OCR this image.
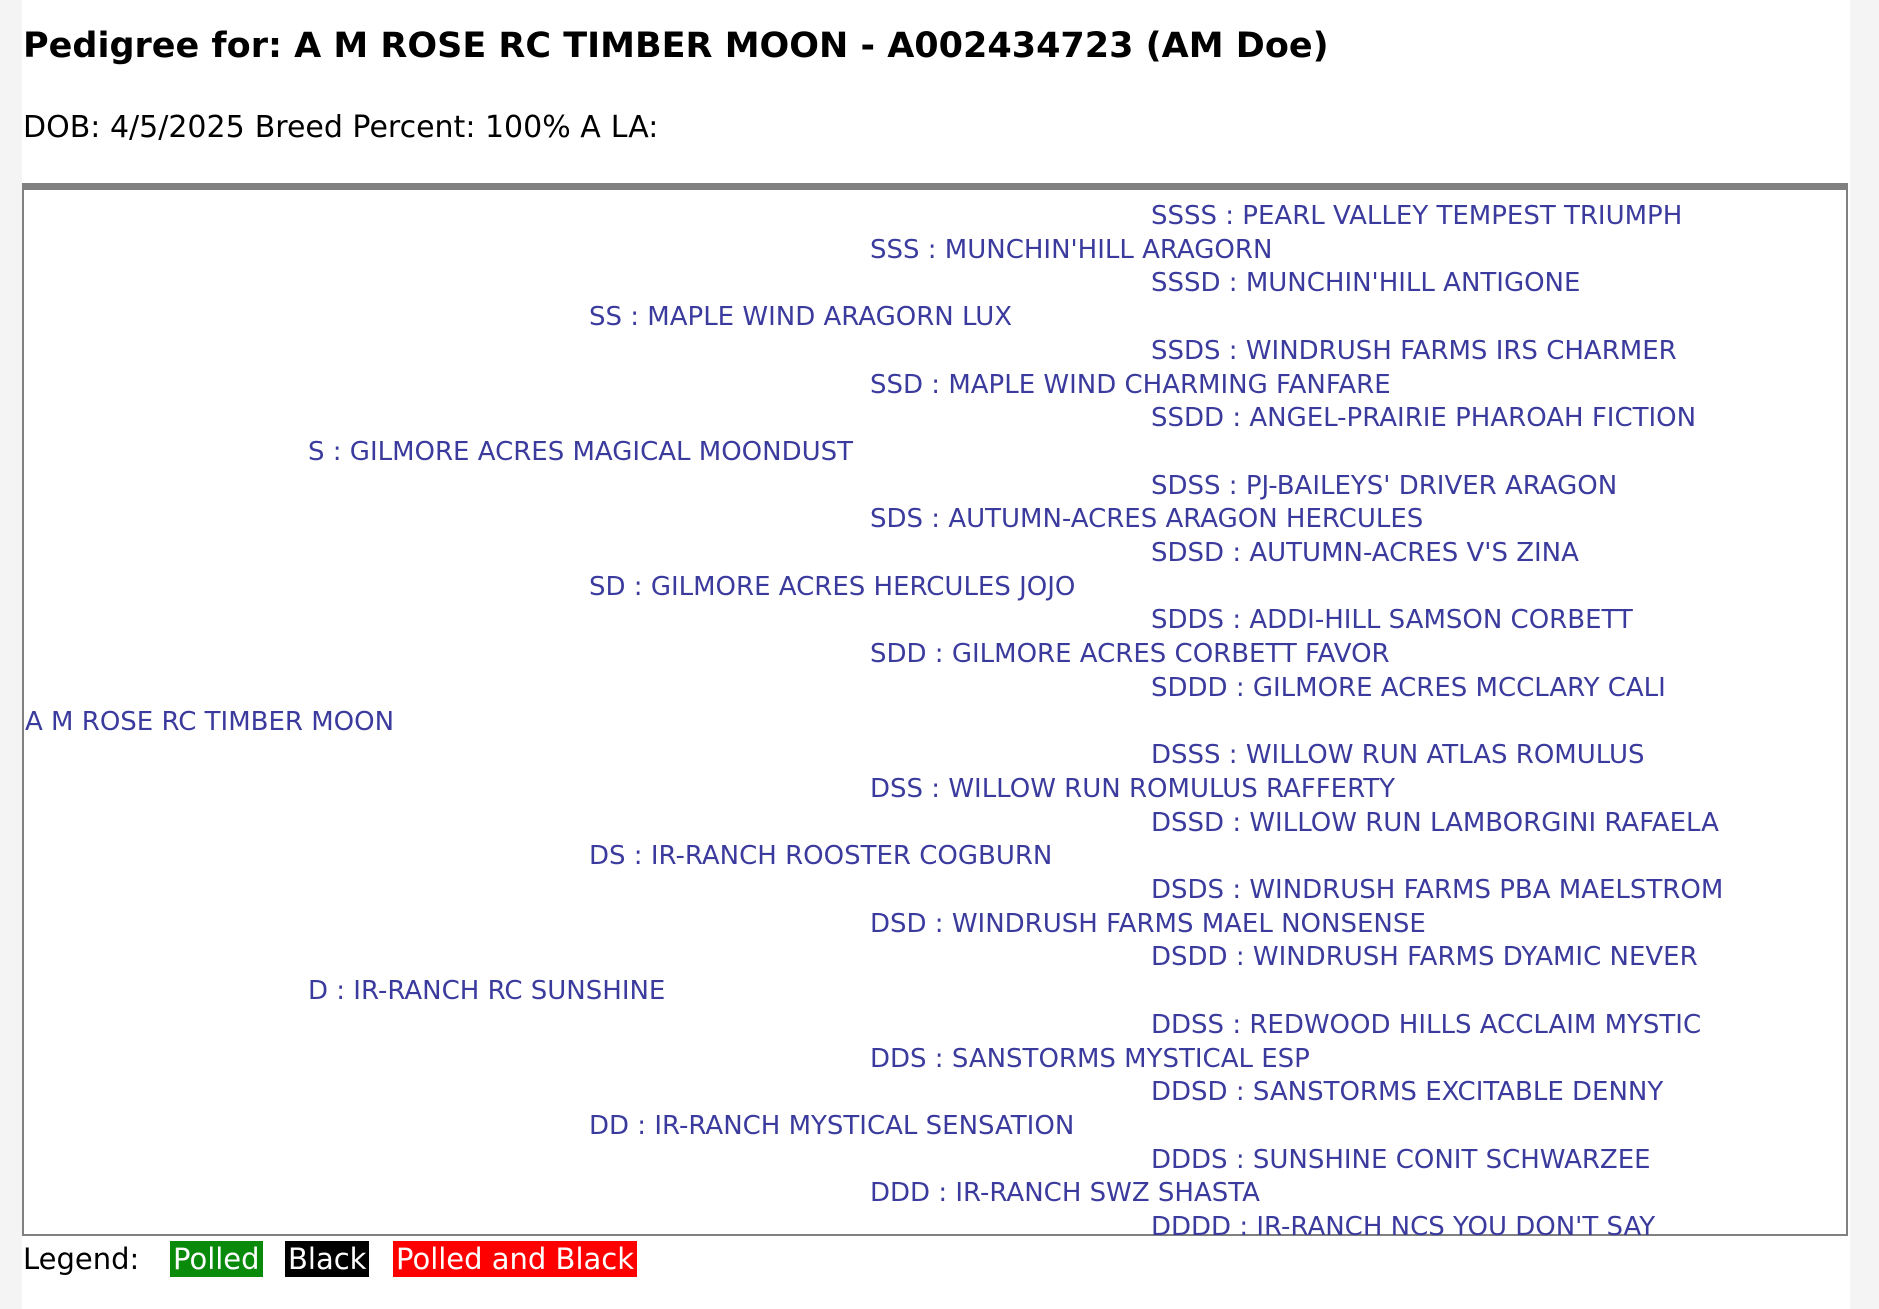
Pedigree for: A M ROSE RC TIMBER MOON - A002434723 (AM Doe)
DOB: 4/5/2025 Breed Percent: 100% A LA:
SSSS : PEARL VALLEY TEMPEST TRIUMPH
SSS : MUNCHIN'HILL ARAGORN
SSSD : MUNCHIN'HILL ANTIGONE
SS : MAPLE WIND ARAGORN LUX
SSDS : WINDRUSH FARMS IRS CHARMER
SSD : MAPLE WIND CHARMING FANFARE
SSDD : ANGEL-PRAIRIE PHAROAH FICTION
S : GILMORE ACRES MAGICAL MOONDUST
SDSS : PJ-BAILEYS' DRIVER ARAGON
SDS : AUTUMN-ACRES ARAGON HERCULES
SDSD : AUTUMN-ACRES V'S ZINA
SD : GILMORE ACRES HERCULES JOJO
SDDS : ADDI-HILL SAMSON CORBETT
SDD : GILMORE ACRES CORBETT FAVOR
SDDD : GILMORE ACRES MCCLARY CALI
A M ROSE RC TIMBER MOON
DSSS : WILLOW RUN ATLAS ROMULUS
DSS : WILLOW RUN ROMULUS RAFFERTY
DSSD : WILLOW RUN LAMBORGINI RAFAELA
DS : IR-RANCH ROOSTER COGBURN
DSDS : WINDRUSH FARMS PBA MAELSTROM
DSD : WINDRUSH FARMS MAEL NONSENSE
DSDD : WINDRUSH FARMS DYAMIC NEVER
D : IR-RANCH RC SUNSHINE
DDSS : REDWOOD HILLS ACCLAIM MYSTIC
DDS : SANSTORMS MYSTICAL ESP
DDSD : SANSTORMS EXCITABLE DENNY
DD : IR-RANCH MYSTICAL SENSATION
DDDS : SUNSHINE CONIT SCHWARZEE
DDD : IR-RANCH SWZ SHASTA
DDDD : IR-RANCH NCS YOU DON'T SAY
Legend: Polled Black Polled and Black
